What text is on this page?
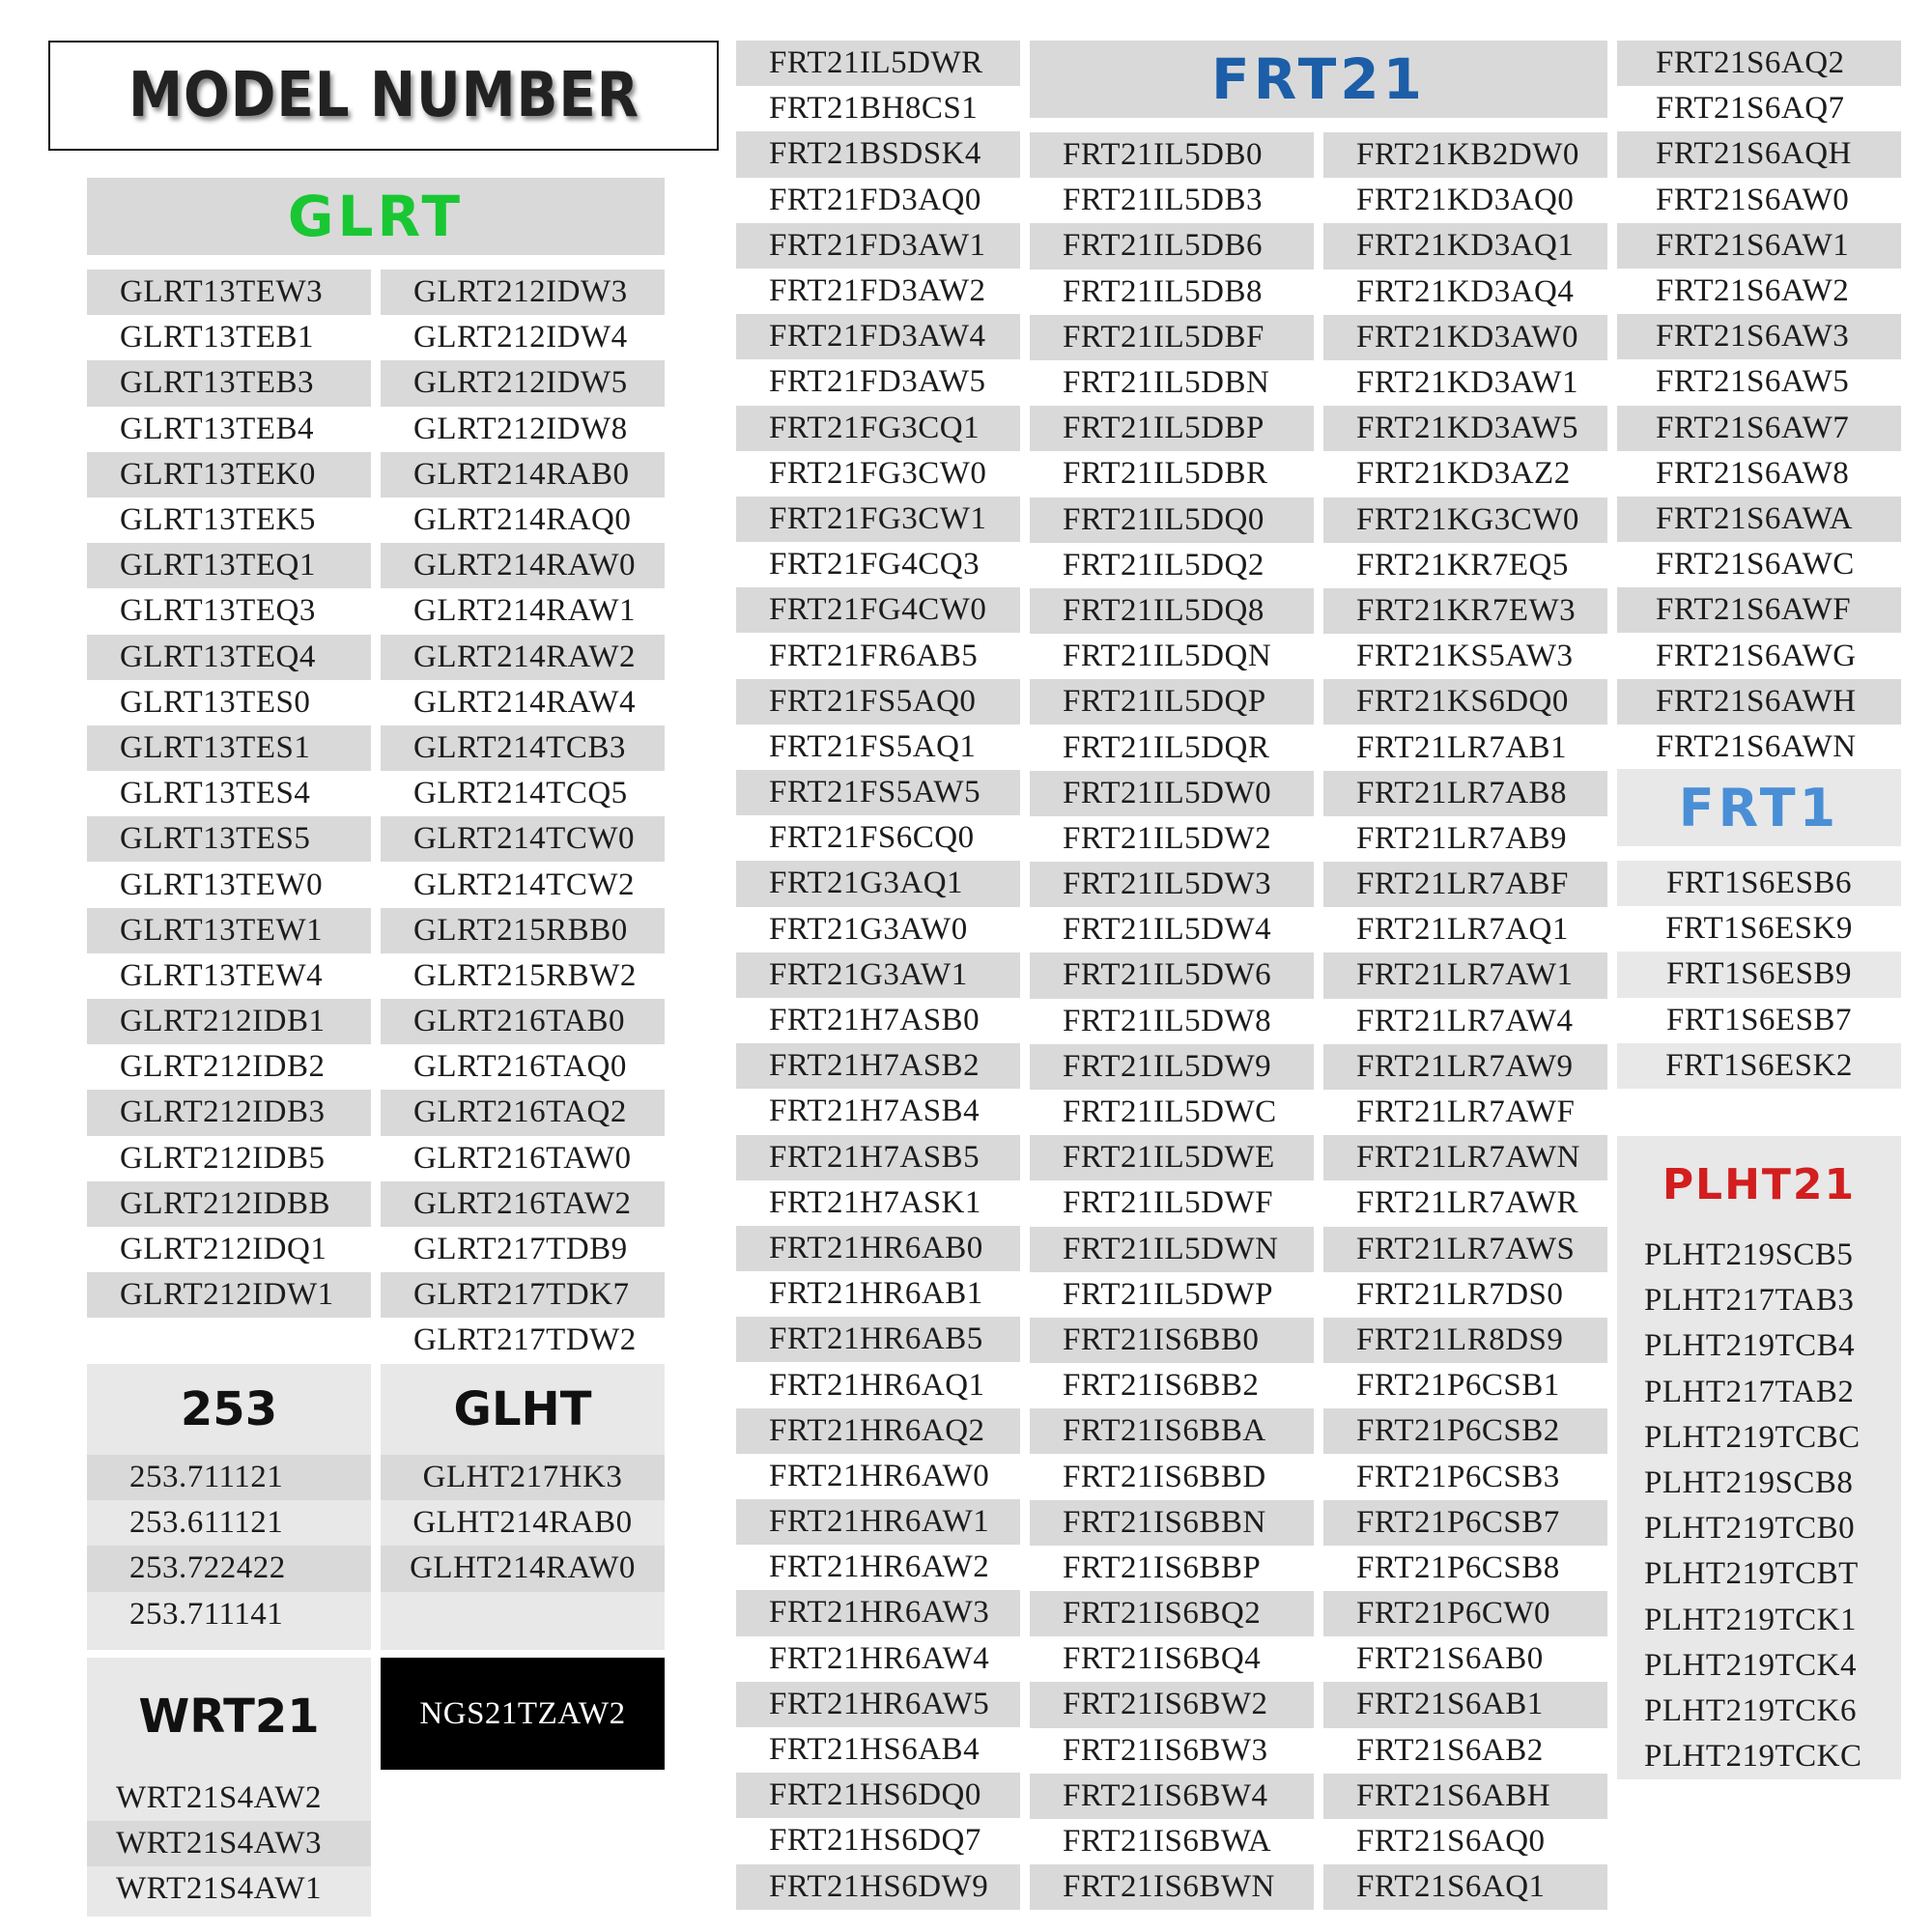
MODEL NUMBER
GLRT
GLRT13TEW3
GLRT13TEB1
GLRT13TEB3
GLRT13TEB4
GLRT13TEK0
GLRT13TEK5
GLRT13TEQ1
GLRT13TEQ3
GLRT13TEQ4
GLRT13TES0
GLRT13TES1
GLRT13TES4
GLRT13TES5
GLRT13TEW0
GLRT13TEW1
GLRT13TEW4
GLRT212IDB1
GLRT212IDB2
GLRT212IDB3
GLRT212IDB5
GLRT212IDBB
GLRT212IDQ1
GLRT212IDW1
GLRT212IDW3
GLRT212IDW4
GLRT212IDW5
GLRT212IDW8
GLRT214RAB0
GLRT214RAQ0
GLRT214RAW0
GLRT214RAW1
GLRT214RAW2
GLRT214RAW4
GLRT214TCB3
GLRT214TCQ5
GLRT214TCW0
GLRT214TCW2
GLRT215RBB0
GLRT215RBW2
GLRT216TAB0
GLRT216TAQ0
GLRT216TAQ2
GLRT216TAW0
GLRT216TAW2
GLRT217TDB9
GLRT217TDK7
GLRT217TDW2
253
253.711121
253.611121
253.722422
253.711141
GLHT
GLHT217HK3
GLHT214RAB0
GLHT214RAW0
WRT21
WRT21S4AW2
WRT21S4AW3
WRT21S4AW1
NGS21TZAW2
FRT21
FRT21IL5DWR
FRT21BH8CS1
FRT21BSDSK4
FRT21FD3AQ0
FRT21FD3AW1
FRT21FD3AW2
FRT21FD3AW4
FRT21FD3AW5
FRT21FG3CQ1
FRT21FG3CW0
FRT21FG3CW1
FRT21FG4CQ3
FRT21FG4CW0
FRT21FR6AB5
FRT21FS5AQ0
FRT21FS5AQ1
FRT21FS5AW5
FRT21FS6CQ0
FRT21G3AQ1
FRT21G3AW0
FRT21G3AW1
FRT21H7ASB0
FRT21H7ASB2
FRT21H7ASB4
FRT21H7ASB5
FRT21H7ASK1
FRT21HR6AB0
FRT21HR6AB1
FRT21HR6AB5
FRT21HR6AQ1
FRT21HR6AQ2
FRT21HR6AW0
FRT21HR6AW1
FRT21HR6AW2
FRT21HR6AW3
FRT21HR6AW4
FRT21HR6AW5
FRT21HS6AB4
FRT21HS6DQ0
FRT21HS6DQ7
FRT21HS6DW9
FRT21IL5DB0
FRT21IL5DB3
FRT21IL5DB6
FRT21IL5DB8
FRT21IL5DBF
FRT21IL5DBN
FRT21IL5DBP
FRT21IL5DBR
FRT21IL5DQ0
FRT21IL5DQ2
FRT21IL5DQ8
FRT21IL5DQN
FRT21IL5DQP
FRT21IL5DQR
FRT21IL5DW0
FRT21IL5DW2
FRT21IL5DW3
FRT21IL5DW4
FRT21IL5DW6
FRT21IL5DW8
FRT21IL5DW9
FRT21IL5DWC
FRT21IL5DWE
FRT21IL5DWF
FRT21IL5DWN
FRT21IL5DWP
FRT21IS6BB0
FRT21IS6BB2
FRT21IS6BBA
FRT21IS6BBD
FRT21IS6BBN
FRT21IS6BBP
FRT21IS6BQ2
FRT21IS6BQ4
FRT21IS6BW2
FRT21IS6BW3
FRT21IS6BW4
FRT21IS6BWA
FRT21IS6BWN
FRT21KB2DW0
FRT21KD3AQ0
FRT21KD3AQ1
FRT21KD3AQ4
FRT21KD3AW0
FRT21KD3AW1
FRT21KD3AW5
FRT21KD3AZ2
FRT21KG3CW0
FRT21KR7EQ5
FRT21KR7EW3
FRT21KS5AW3
FRT21KS6DQ0
FRT21LR7AB1
FRT21LR7AB8
FRT21LR7AB9
FRT21LR7ABF
FRT21LR7AQ1
FRT21LR7AW1
FRT21LR7AW4
FRT21LR7AW9
FRT21LR7AWF
FRT21LR7AWN
FRT21LR7AWR
FRT21LR7AWS
FRT21LR7DS0
FRT21LR8DS9
FRT21P6CSB1
FRT21P6CSB2
FRT21P6CSB3
FRT21P6CSB7
FRT21P6CSB8
FRT21P6CW0
FRT21S6AB0
FRT21S6AB1
FRT21S6AB2
FRT21S6ABH
FRT21S6AQ0
FRT21S6AQ1
FRT21S6AQ2
FRT21S6AQ7
FRT21S6AQH
FRT21S6AW0
FRT21S6AW1
FRT21S6AW2
FRT21S6AW3
FRT21S6AW5
FRT21S6AW7
FRT21S6AW8
FRT21S6AWA
FRT21S6AWC
FRT21S6AWF
FRT21S6AWG
FRT21S6AWH
FRT21S6AWN
FRT1
FRT1S6ESB6
FRT1S6ESK9
FRT1S6ESB9
FRT1S6ESB7
FRT1S6ESK2
PLHT21
PLHT219SCB5
PLHT217TAB3
PLHT219TCB4
PLHT217TAB2
PLHT219TCBC
PLHT219SCB8
PLHT219TCB0
PLHT219TCBT
PLHT219TCK1
PLHT219TCK4
PLHT219TCK6
PLHT219TCKC
